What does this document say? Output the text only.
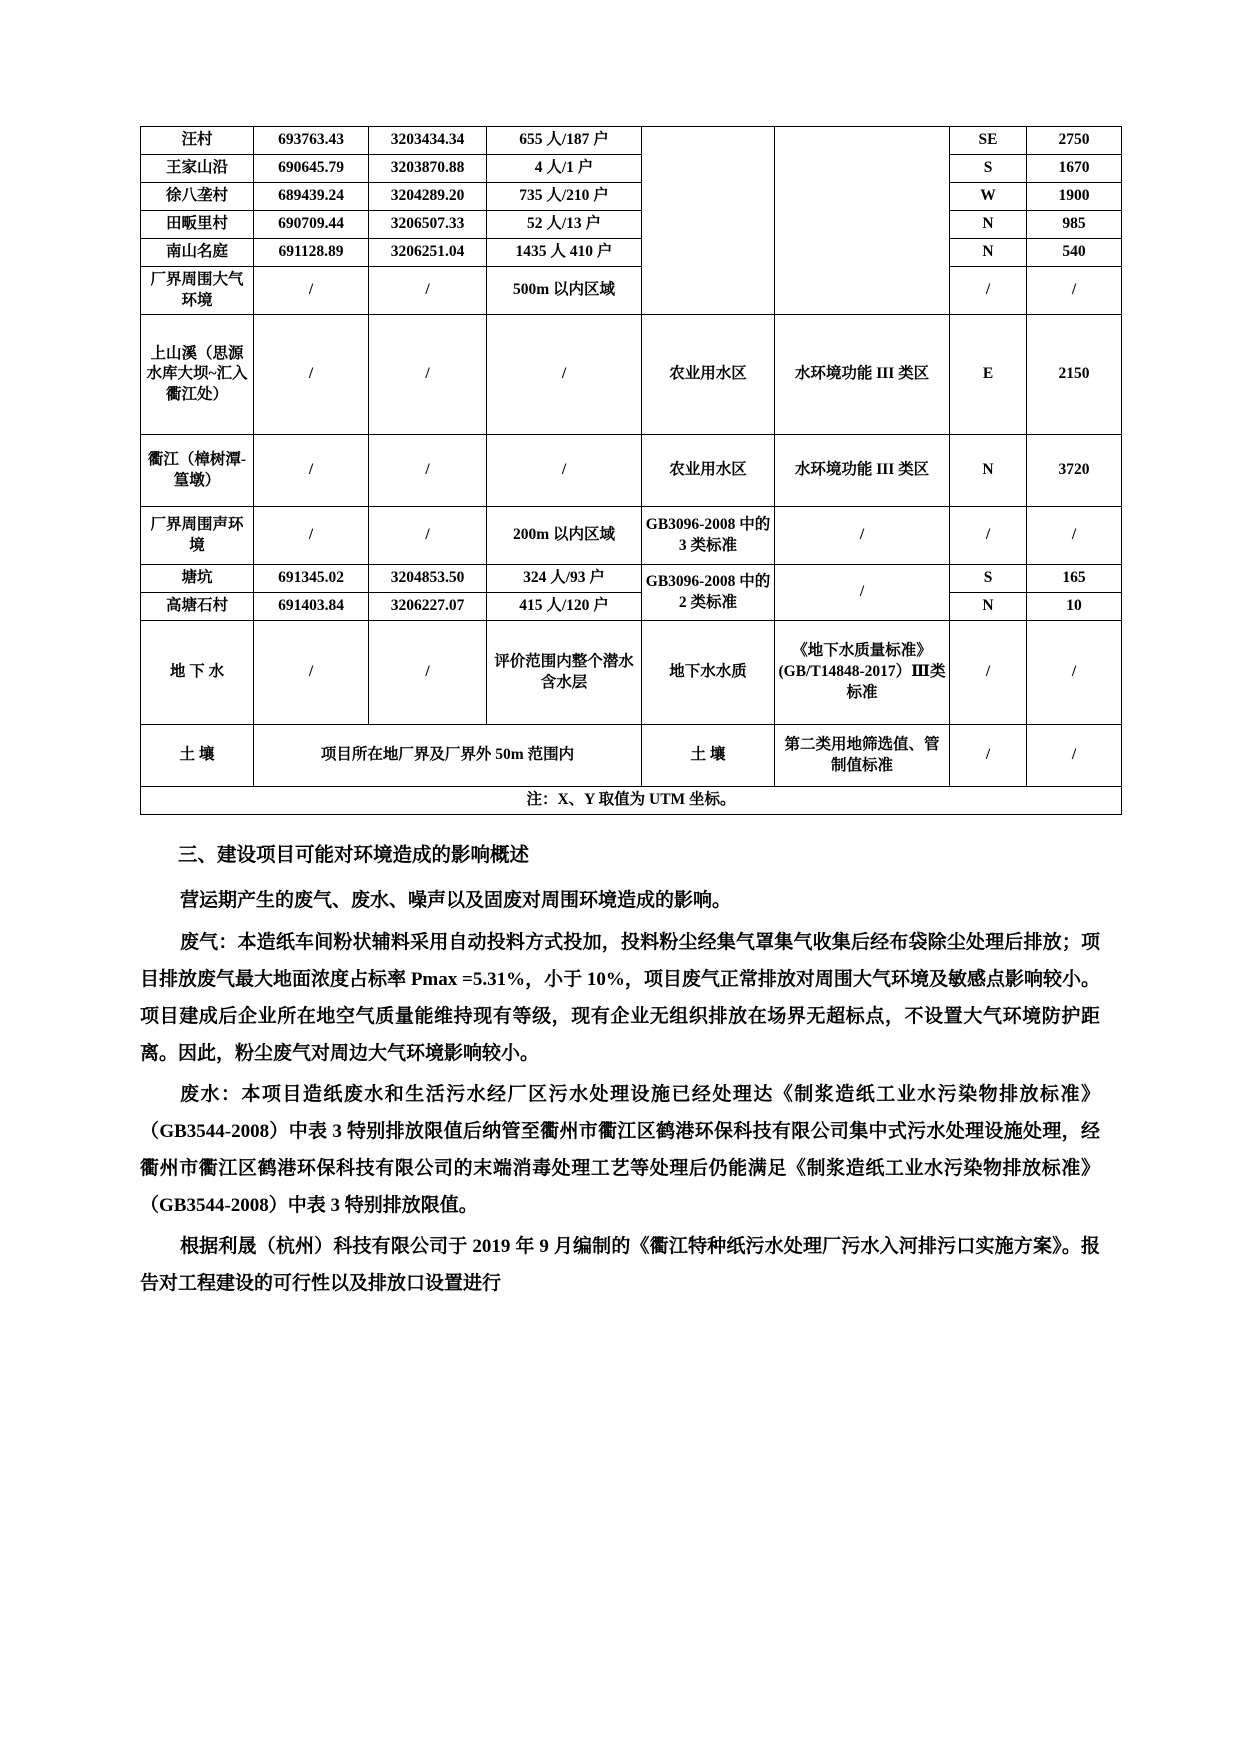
汪村	693763.43	3203434.34	655 人/187 户			SE	2750
王家山沿	690645.79	3203870.88	4 人/1 户			S	1670
徐八垄村	689439.24	3204289.20	735 人/210 户			W	1900
田畈里村	690709.44	3206507.33	52 人/13 户			N	985
南山名庭	691128.89	3206251.04	1435 人 410 户			N	540
厂界周围大气环境	/	/	500m 以内区域			/	/
上山溪（思源水库大坝~汇入衢江处）	/	/	/	农业用水区	水环境功能 III 类区	E	2150
衢江（樟树潭-篁墩）	/	/	/	农业用水区	水环境功能 III 类区	N	3720
厂界周围声环境	/	/	200m 以内区域	GB3096-2008 中的 3 类标准	/	/	/
塘坑	691345.02	3204853.50	324 人/93 户	GB3096-2008 中的 2 类标准	/	S	165
高塘石村	691403.84	3206227.07	415 人/120 户			N	10
地 下 水	/	/	评价范围内整个潜水含水层	地下水水质	《地下水质量标准》(GB/T14848-2017）Ⅲ类标准	/	/
土 壤	项目所在地厂界及厂界外 50m 范围内			土 壤	第二类用地筛选值、管制值标准	/	/
注：X、Y 取值为 UTM 坐标。							
三、建设项目可能对环境造成的影响概述

营运期产生的废气、废水、噪声以及固废对周围环境造成的影响。

废气：本造纸车间粉状辅料采用自动投料方式投加，投料粉尘经集气罩集气收集后经布袋除尘处理后排放；项目排放废气最大地面浓度占标率 Pmax =5.31%，小于 10%，项目废气正常排放对周围大气环境及敏感点影响较小。项目建成后企业所在地空气质量能维持现有等级，现有企业无组织排放在场界无超标点，不设置大气环境防护距离。因此，粉尘废气对周边大气环境影响较小。

废水：本项目造纸废水和生活污水经厂区污水处理设施已经处理达《制浆造纸工业水污染物排放标准》（GB3544-2008）中表 3 特别排放限值后纳管至衢州市衢江区鹤港环保科技有限公司集中式污水处理设施处理，经衢州市衢江区鹤港环保科技有限公司的末端消毒处理工艺等处理后仍能满足《制浆造纸工业水污染物排放标准》（GB3544-2008）中表 3 特别排放限值。

根据利晟（杭州）科技有限公司于 2019 年 9 月编制的《衢江特种纸污水处理厂污水入河排污口实施方案》。报告对工程建设的可行性以及排放口设置进行
